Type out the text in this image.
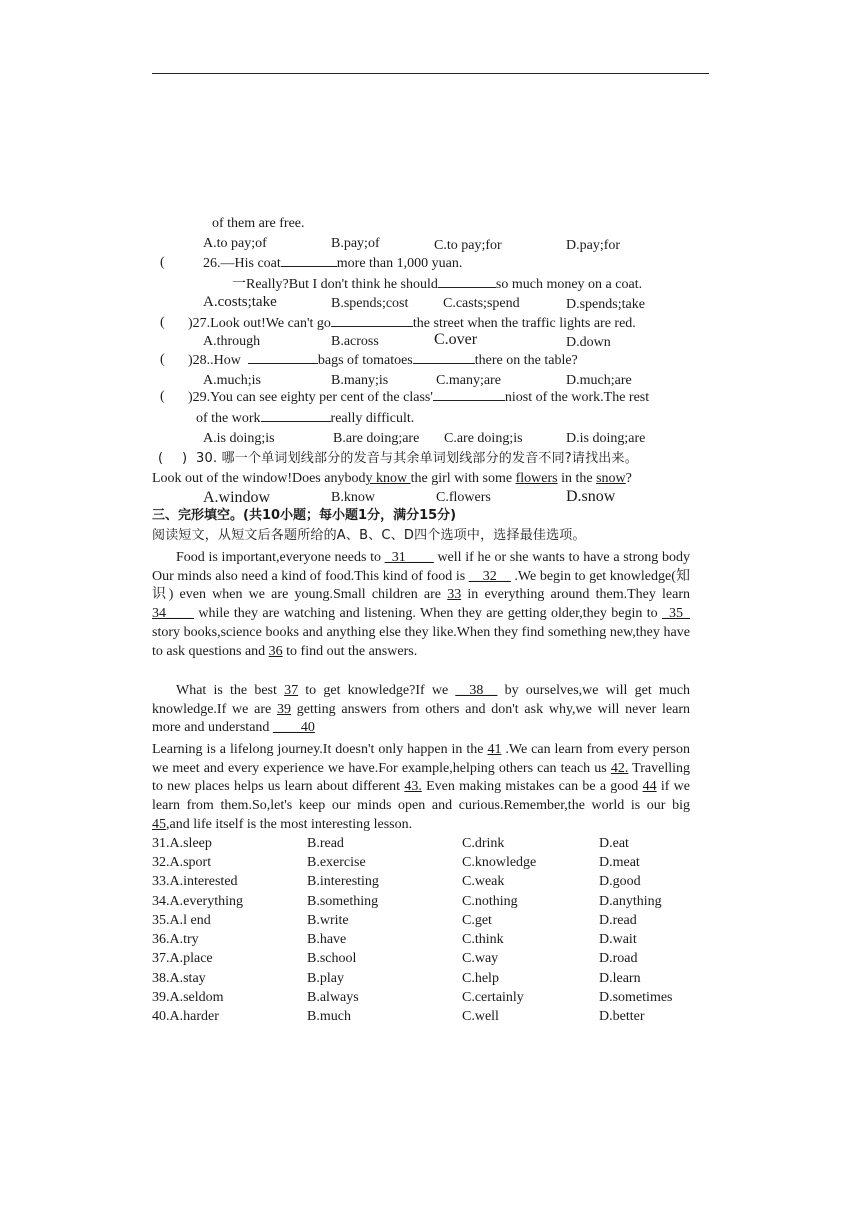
of them are free.
A.to pay;of	B.pay;of	C.to pay;for	D.pay;for
(	26.—His coat	more than 1,000 yuan.
一Really?But I don't think he should	so much money on a coat.
A.costs;take	B.spends;cost C.casts;spend	D.spends;take
( )27.Look out!We can't go	the street when the traffic lights are red.
A.through	B.across	C.over	D.down
( )28..How	bags of tomatoes	there on the table?
A.much;is	B.many;is	C.many;are	D.much;are
( )29.You can see eighty per cent of the class'	niost of the work.The rest
of the work	really difficult.
A.is doing;is	B.are doing;are C.are doing;is	D.is doing;are
( ) 30. 哪一个单词划线部分的发音与其余单词划线部分的发音不同?请找出来。
Look out of the window!Does anybody know the girl with some flowers in the snow?
A.window	B.know	C.flowers	D.snow
三、完形填空。(共10小题；每小题1分，满分15分)
阅读短文，从短文后各题所给的A、B、C、D四个选项中，选择最佳选项。

Food is important,everyone needs to _31____ well if he or she wants to have a strong body Our minds also need a kind of food.This kind of food is __32__ .We begin to get knowledge(知识) even when we are young.Small children are 33 in everything around them.They learn 34____ while they are watching and listening. When they are getting older,they begin to _35_ story books,science books and anything else they like.When they find something new,they have to ask questions and 36 to find out the answers.

What is the best 37 to get knowledge?If we __38__ by ourselves,we will get much knowledge.If we are 39 getting answers from others and don't ask why,we will never learn more and understand ____40

Learning is a lifelong journey.It doesn't only happen in the 41 .We can learn from every person we meet and every experience we have.For example,helping others can teach us 42. Travelling to new places helps us learn about different 43. Even making mistakes can be a good 44 if we learn from them.So,let's keep our minds open and curious.Remember,the world is our big 45,and life itself is the most interesting lesson.

31.A.sleep	B.read	C.drink	D.eat
32.A.sport	B.exercise	C.knowledge	D.meat
33.A.interested	B.interesting	C.weak	D.good
34.A.everything	B.something	C.nothing	D.anything
35.A.l end	B.write	C.get	D.read
36.A.try	B.have	C.think	D.wait
37.A.place	B.school	C.way	D.road
38.A.stay	B.play	C.help	D.learn
39.A.seldom	B.always	C.certainly	D.sometimes
40.A.harder	B.much	C.well	D.better
